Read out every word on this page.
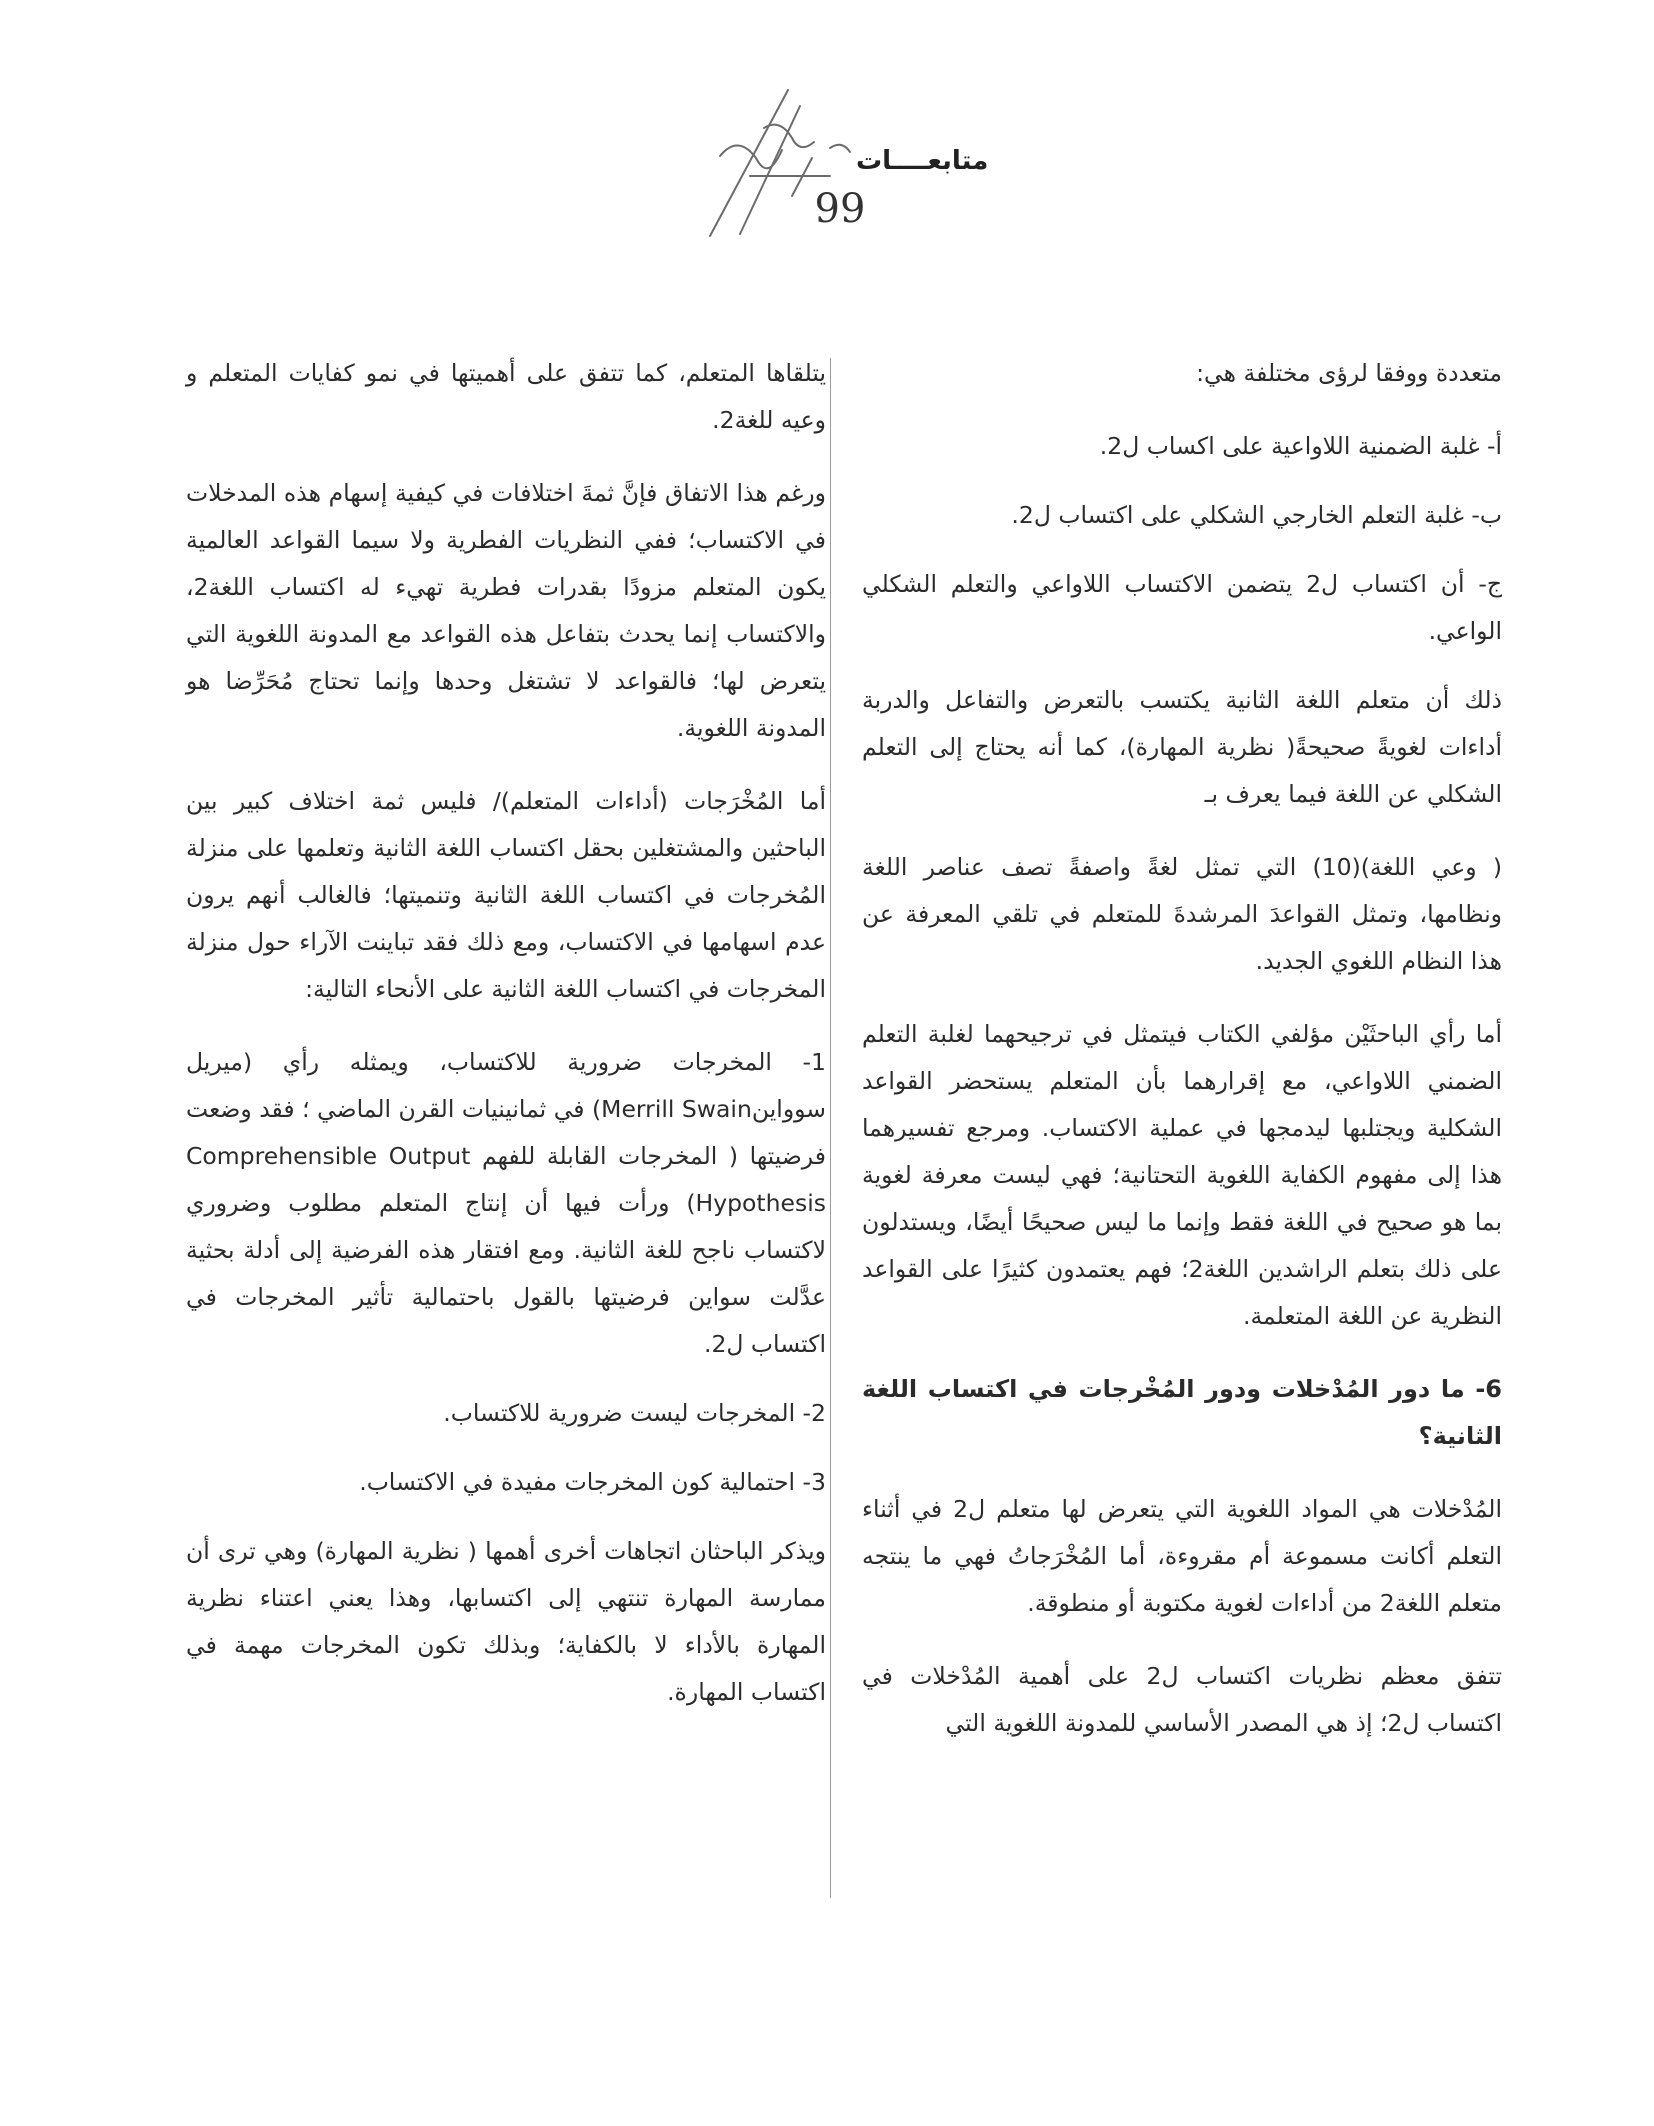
متابعــــات
99

متعددة ووفقا لرؤى مختلفة هي:

أ- غلبة الضمنية اللاواعية على اكساب ل2.

ب- غلبة التعلم الخارجي الشكلي على اكتساب ل2.

ج- أن اكتساب ل2 يتضمن الاكتساب اللاواعي والتعلم الشكلي الواعي.

ذلك أن متعلم اللغة الثانية يكتسب بالتعرض والتفاعل والدربة أداءات لغويةً صحيحةً( نظرية المهارة)، كما أنه يحتاج إلى التعلم الشكلي عن اللغة فيما يعرف بـ

( وعي اللغة)(10) التي تمثل لغةً واصفةً تصف عناصر اللغة ونظامها، وتمثل القواعدَ المرشدةَ للمتعلم في تلقي المعرفة عن هذا النظام اللغوي الجديد.

أما رأي الباحثَيْن مؤلفي الكتاب فيتمثل في ترجيحهما لغلبة التعلم الضمني اللاواعي، مع إقرارهما بأن المتعلم يستحضر القواعد الشكلية ويجتلبها ليدمجها في عملية الاكتساب. ومرجع تفسيرهما هذا إلى مفهوم الكفاية اللغوية التحتانية؛ فهي ليست معرفة لغوية بما هو صحيح في اللغة فقط وإنما ما ليس صحيحًا أيضًا، ويستدلون على ذلك بتعلم الراشدين اللغة2؛ فهم يعتمدون كثيرًا على القواعد النظرية عن اللغة المتعلمة.

6- ما دور المُدْخلات ودور المُخْرجات في اكتساب اللغة الثانية؟

المُدْخلات هي المواد اللغوية التي يتعرض لها متعلم ل2 في أثناء التعلم أكانت مسموعة أم مقروءة، أما المُخْرَجاتُ فهي ما ينتجه متعلم اللغة2 من أداءات لغوية مكتوبة أو منطوقة.

تتفق معظم نظريات اكتساب ل2 على أهمية المُدْخلات في اكتساب ل2؛ إذ هي المصدر الأساسي للمدونة اللغوية التي

يتلقاها المتعلم، كما تتفق على أهميتها في نمو كفايات المتعلم و وعيه للغة2.

ورغم هذا الاتفاق فإنَّ ثمةَ اختلافات في كيفية إسهام هذه المدخلات في الاكتساب؛ ففي النظريات الفطرية ولا سيما القواعد العالمية يكون المتعلم مزودًا بقدرات فطرية تهيء له اكتساب اللغة2، والاكتساب إنما يحدث بتفاعل هذه القواعد مع المدونة اللغوية التي يتعرض لها؛ فالقواعد لا تشتغل وحدها وإنما تحتاج مُحَرِّضا هو المدونة اللغوية.

أما المُخْرَجات (أداءات المتعلم)/ فليس ثمة اختلاف كبير بين الباحثين والمشتغلين بحقل اكتساب اللغة الثانية وتعلمها على منزلة المُخرجات في اكتساب اللغة الثانية وتنميتها؛ فالغالب أنهم يرون عدم اسهامها في الاكتساب، ومع ذلك فقد تباينت الآراء حول منزلة المخرجات في اكتساب اللغة الثانية على الأنحاء التالية:

1- المخرجات ضرورية للاكتساب، ويمثله رأي (ميريل سوواينMerrill Swain) في ثمانينيات القرن الماضي ؛ فقد وضعت فرضيتها ( المخرجات القابلة للفهم Comprehensible Output Hypothesis) ورأت فيها أن إنتاج المتعلم مطلوب وضروري لاكتساب ناجح للغة الثانية. ومع افتقار هذه الفرضية إلى أدلة بحثية عدَّلت سواين فرضيتها بالقول باحتمالية تأثير المخرجات في اكتساب ل2.

2- المخرجات ليست ضرورية للاكتساب.

3- احتمالية كون المخرجات مفيدة في الاكتساب.

ويذكر الباحثان اتجاهات أخرى أهمها ( نظرية المهارة) وهي ترى أن ممارسة المهارة تنتهي إلى اكتسابها، وهذا يعني اعتناء نظرية المهارة بالأداء لا بالكفاية؛ وبذلك تكون المخرجات مهمة في اكتساب المهارة.
